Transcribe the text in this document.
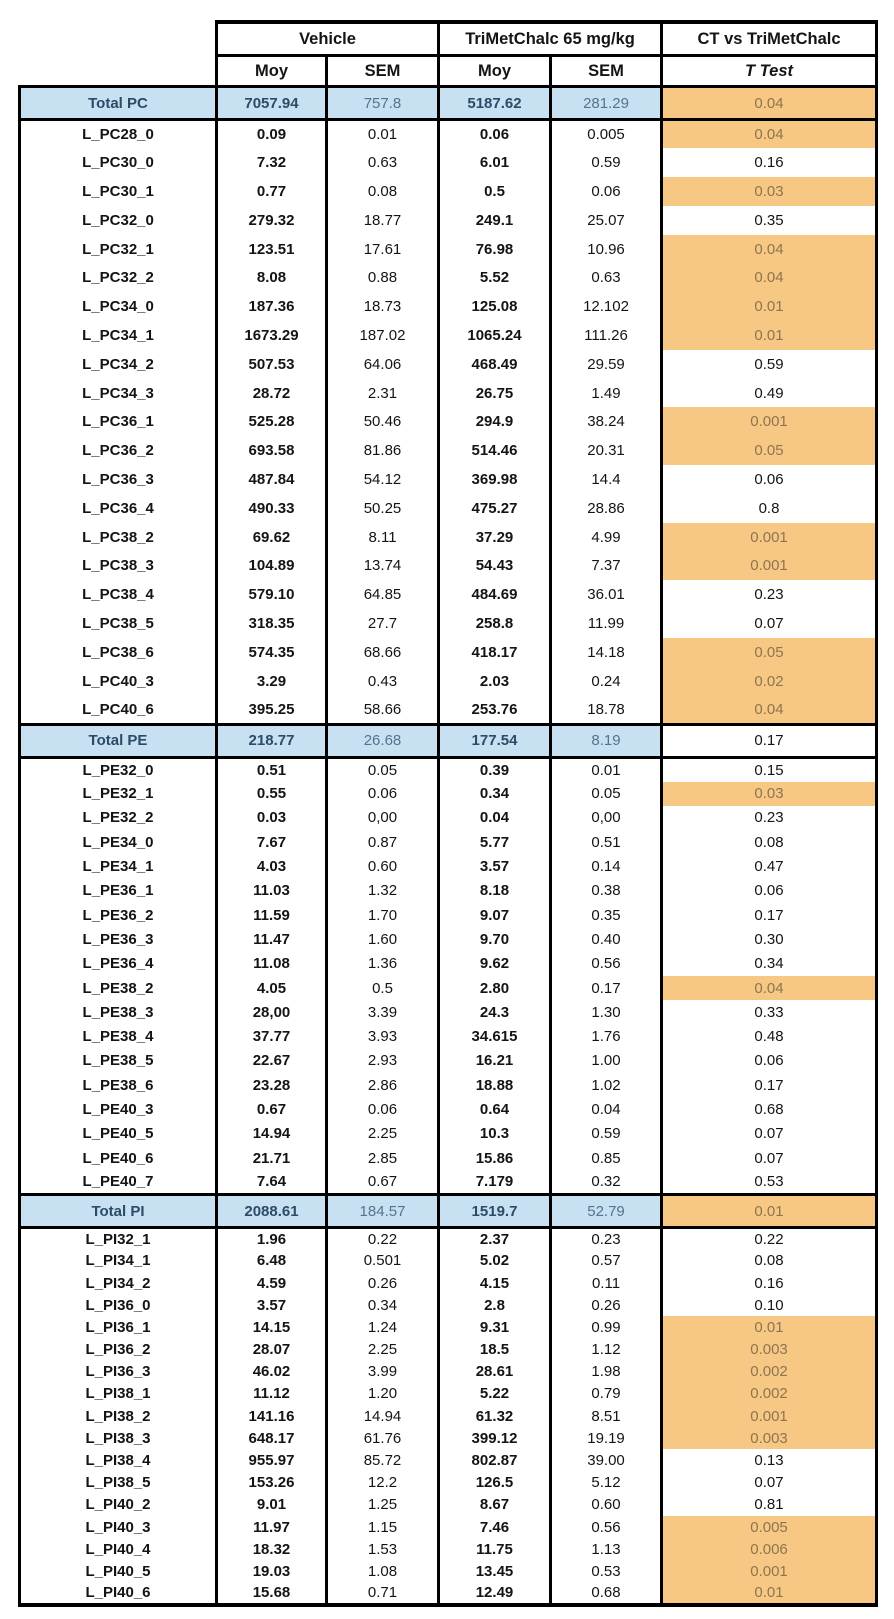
	Vehicle		TriMetChalc 65 mg/kg		CT vs TriMetChalc
	Moy	SEM	Moy	SEM	T Test
Total PC	7057.94	757.8	5187.62	281.29	0.04
L_PC28_0	0.09	0.01	0.06	0.005	0.04
L_PC30_0	7.32	0.63	6.01	0.59	0.16
L_PC30_1	0.77	0.08	0.5	0.06	0.03
L_PC32_0	279.32	18.77	249.1	25.07	0.35
L_PC32_1	123.51	17.61	76.98	10.96	0.04
L_PC32_2	8.08	0.88	5.52	0.63	0.04
L_PC34_0	187.36	18.73	125.08	12.102	0.01
L_PC34_1	1673.29	187.02	1065.24	111.26	0.01
L_PC34_2	507.53	64.06	468.49	29.59	0.59
L_PC34_3	28.72	2.31	26.75	1.49	0.49
L_PC36_1	525.28	50.46	294.9	38.24	0.001
L_PC36_2	693.58	81.86	514.46	20.31	0.05
L_PC36_3	487.84	54.12	369.98	14.4	0.06
L_PC36_4	490.33	50.25	475.27	28.86	0.8
L_PC38_2	69.62	8.11	37.29	4.99	0.001
L_PC38_3	104.89	13.74	54.43	7.37	0.001
L_PC38_4	579.10	64.85	484.69	36.01	0.23
L_PC38_5	318.35	27.7	258.8	11.99	0.07
L_PC38_6	574.35	68.66	418.17	14.18	0.05
L_PC40_3	3.29	0.43	2.03	0.24	0.02
L_PC40_6	395.25	58.66	253.76	18.78	0.04
Total PE	218.77	26.68	177.54	8.19	0.17
L_PE32_0	0.51	0.05	0.39	0.01	0.15
L_PE32_1	0.55	0.06	0.34	0.05	0.03
L_PE32_2	0.03	0,00	0.04	0,00	0.23
L_PE34_0	7.67	0.87	5.77	0.51	0.08
L_PE34_1	4.03	0.60	3.57	0.14	0.47
L_PE36_1	11.03	1.32	8.18	0.38	0.06
L_PE36_2	11.59	1.70	9.07	0.35	0.17
L_PE36_3	11.47	1.60	9.70	0.40	0.30
L_PE36_4	11.08	1.36	9.62	0.56	0.34
L_PE38_2	4.05	0.5	2.80	0.17	0.04
L_PE38_3	28,00	3.39	24.3	1.30	0.33
L_PE38_4	37.77	3.93	34.615	1.76	0.48
L_PE38_5	22.67	2.93	16.21	1.00	0.06
L_PE38_6	23.28	2.86	18.88	1.02	0.17
L_PE40_3	0.67	0.06	0.64	0.04	0.68
L_PE40_5	14.94	2.25	10.3	0.59	0.07
L_PE40_6	21.71	2.85	15.86	0.85	0.07
L_PE40_7	7.64	0.67	7.179	0.32	0.53
Total PI	2088.61	184.57	1519.7	52.79	0.01
L_PI32_1	1.96	0.22	2.37	0.23	0.22
L_PI34_1	6.48	0.501	5.02	0.57	0.08
L_PI34_2	4.59	0.26	4.15	0.11	0.16
L_PI36_0	3.57	0.34	2.8	0.26	0.10
L_PI36_1	14.15	1.24	9.31	0.99	0.01
L_PI36_2	28.07	2.25	18.5	1.12	0.003
L_PI36_3	46.02	3.99	28.61	1.98	0.002
L_PI38_1	11.12	1.20	5.22	0.79	0.002
L_PI38_2	141.16	14.94	61.32	8.51	0.001
L_PI38_3	648.17	61.76	399.12	19.19	0.003
L_PI38_4	955.97	85.72	802.87	39.00	0.13
L_PI38_5	153.26	12.2	126.5	5.12	0.07
L_PI40_2	9.01	1.25	8.67	0.60	0.81
L_PI40_3	11.97	1.15	7.46	0.56	0.005
L_PI40_4	18.32	1.53	11.75	1.13	0.006
L_PI40_5	19.03	1.08	13.45	0.53	0.001
L_PI40_6	15.68	0.71	12.49	0.68	0.01
